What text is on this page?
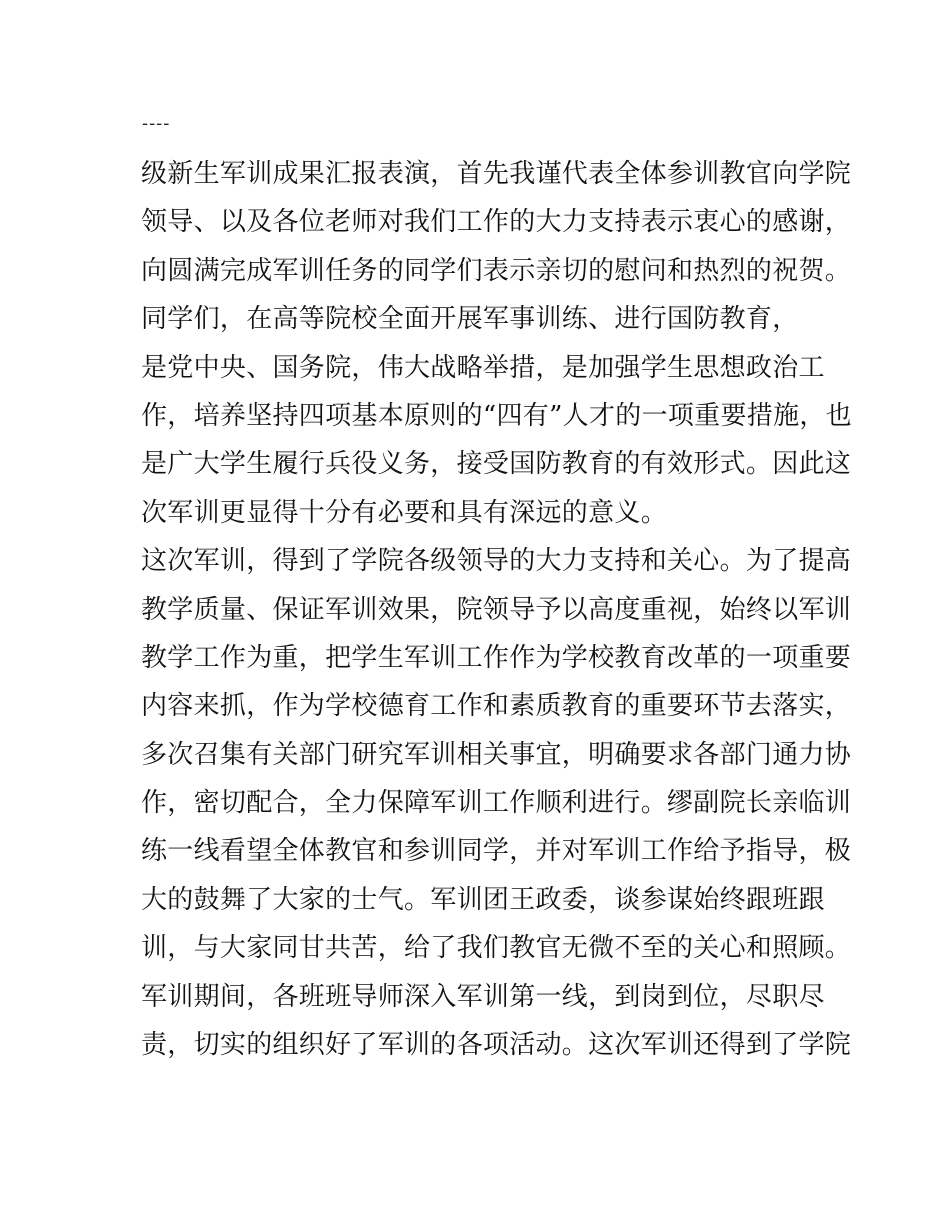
----
级新生军训成果汇报表演，首先我谨代表全体参训教官向学院
领导、以及各位老师对我们工作的大力支持表示衷心的感谢，
向圆满完成军训任务的同学们表示亲切的慰问和热烈的祝贺。
同学们，在高等院校全面开展军事训练、进行国防教育，
是党中央、国务院，伟大战略举措，是加强学生思想政治工
作，培养坚持四项基本原则的“四有”人才的一项重要措施，也
是广大学生履行兵役义务，接受国防教育的有效形式。因此这
次军训更显得十分有必要和具有深远的意义。
这次军训，得到了学院各级领导的大力支持和关心。为了提高
教学质量、保证军训效果，院领导予以高度重视，始终以军训
教学工作为重，把学生军训工作作为学校教育改革的一项重要
内容来抓，作为学校德育工作和素质教育的重要环节去落实，
多次召集有关部门研究军训相关事宜，明确要求各部门通力协
作，密切配合，全力保障军训工作顺利进行。缪副院长亲临训
练一线看望全体教官和参训同学，并对军训工作给予指导，极
大的鼓舞了大家的士气。军训团王政委，谈参谋始终跟班跟
训，与大家同甘共苦，给了我们教官无微不至的关心和照顾。
军训期间，各班班导师深入军训第一线，到岗到位，尽职尽
责，切实的组织好了军训的各项活动。这次军训还得到了学院
